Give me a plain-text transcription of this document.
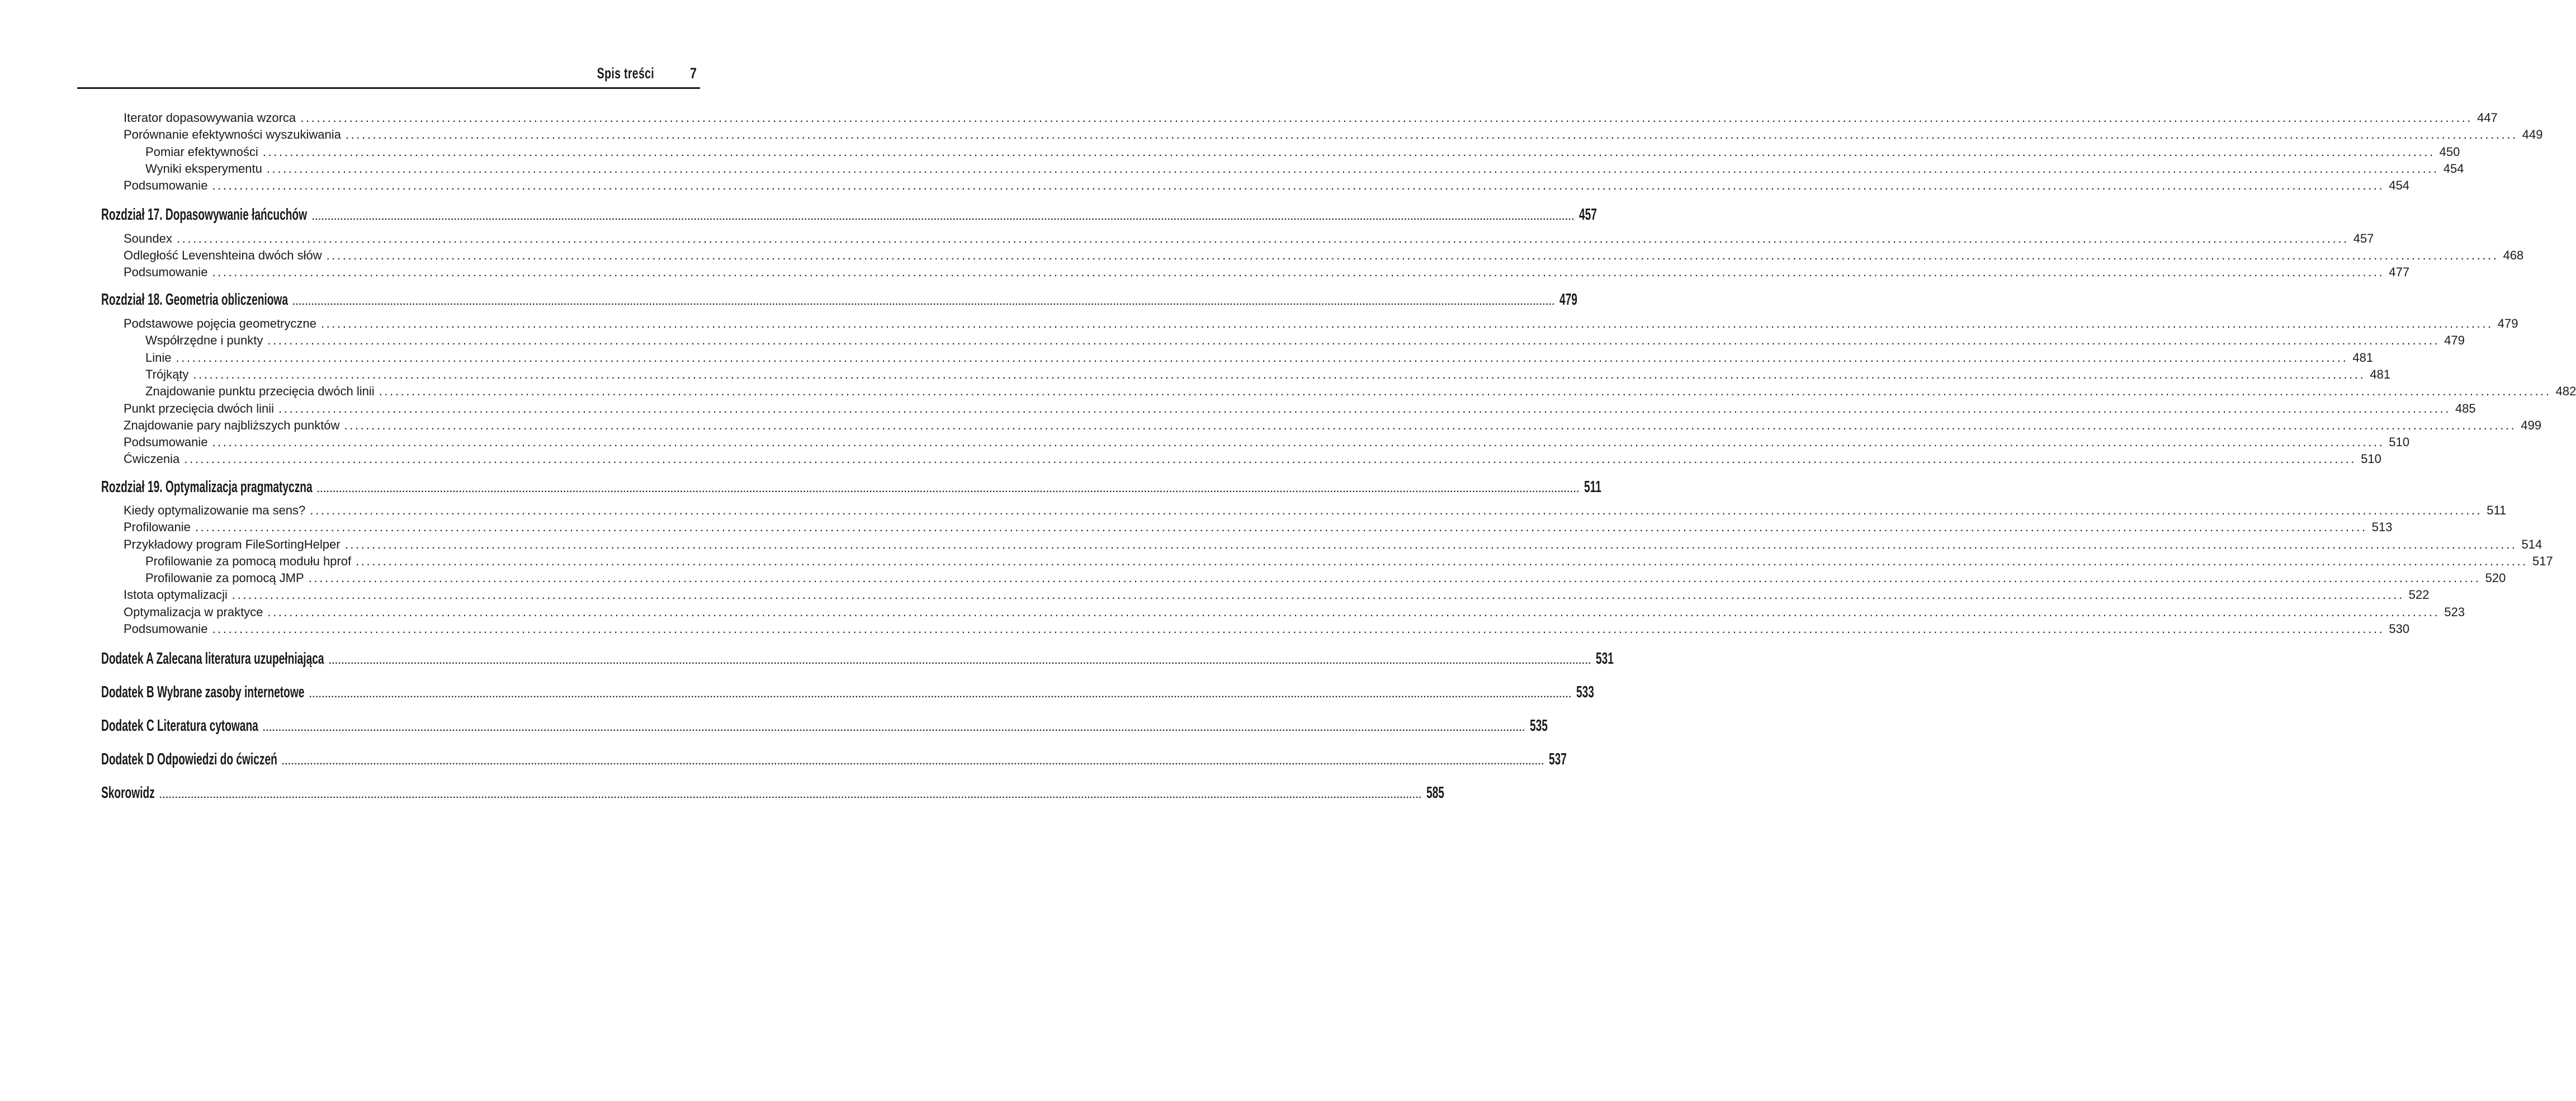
Spis treści 7
Iterator dopasowywania wzorca ................................................................................................................................................................................................................................................................................................................................................................................................................ 447
Porównanie efektywności wyszukiwania ................................................................................................................................................................................................................................................................................................................................................................................................................ 449
Pomiar efektywności ................................................................................................................................................................................................................................................................................................................................................................................................................ 450
Wyniki eksperymentu ................................................................................................................................................................................................................................................................................................................................................................................................................ 454
Podsumowanie ................................................................................................................................................................................................................................................................................................................................................................................................................ 454
Rozdział 17. Dopasowywanie łańcuchów ................................................................................................................................................................................................................................................................................................................................................................................................................ 457
Soundex ................................................................................................................................................................................................................................................................................................................................................................................................................ 457
Odległość Levenshteina dwóch słów ................................................................................................................................................................................................................................................................................................................................................................................................................ 468
Podsumowanie ................................................................................................................................................................................................................................................................................................................................................................................................................ 477
Rozdział 18. Geometria obliczeniowa ................................................................................................................................................................................................................................................................................................................................................................................................................ 479
Podstawowe pojęcia geometryczne ................................................................................................................................................................................................................................................................................................................................................................................................................ 479
Współrzędne i punkty ................................................................................................................................................................................................................................................................................................................................................................................................................ 479
Linie ................................................................................................................................................................................................................................................................................................................................................................................................................ 481
Trójkąty ................................................................................................................................................................................................................................................................................................................................................................................................................ 481
Znajdowanie punktu przecięcia dwóch linii ................................................................................................................................................................................................................................................................................................................................................................................................................ 482
Punkt przecięcia dwóch linii ................................................................................................................................................................................................................................................................................................................................................................................................................ 485
Znajdowanie pary najbliższych punktów ................................................................................................................................................................................................................................................................................................................................................................................................................ 499
Podsumowanie ................................................................................................................................................................................................................................................................................................................................................................................................................ 510
Ćwiczenia ................................................................................................................................................................................................................................................................................................................................................................................................................ 510
Rozdział 19. Optymalizacja pragmatyczna ................................................................................................................................................................................................................................................................................................................................................................................................................ 511
Kiedy optymalizowanie ma sens? ................................................................................................................................................................................................................................................................................................................................................................................................................ 511
Profilowanie ................................................................................................................................................................................................................................................................................................................................................................................................................ 513
Przykładowy program FileSortingHelper ................................................................................................................................................................................................................................................................................................................................................................................................................ 514
Profilowanie za pomocą modułu hprof ................................................................................................................................................................................................................................................................................................................................................................................................................ 517
Profilowanie za pomocą JMP ................................................................................................................................................................................................................................................................................................................................................................................................................ 520
Istota optymalizacji ................................................................................................................................................................................................................................................................................................................................................................................................................ 522
Optymalizacja w praktyce ................................................................................................................................................................................................................................................................................................................................................................................................................ 523
Podsumowanie ................................................................................................................................................................................................................................................................................................................................................................................................................ 530
Dodatek A Zalecana literatura uzupełniająca ................................................................................................................................................................................................................................................................................................................................................................................................................ 531
Dodatek B Wybrane zasoby internetowe ................................................................................................................................................................................................................................................................................................................................................................................................................ 533
Dodatek C Literatura cytowana ................................................................................................................................................................................................................................................................................................................................................................................................................ 535
Dodatek D Odpowiedzi do ćwiczeń ................................................................................................................................................................................................................................................................................................................................................................................................................ 537
Skorowidz ................................................................................................................................................................................................................................................................................................................................................................................................................ 585
